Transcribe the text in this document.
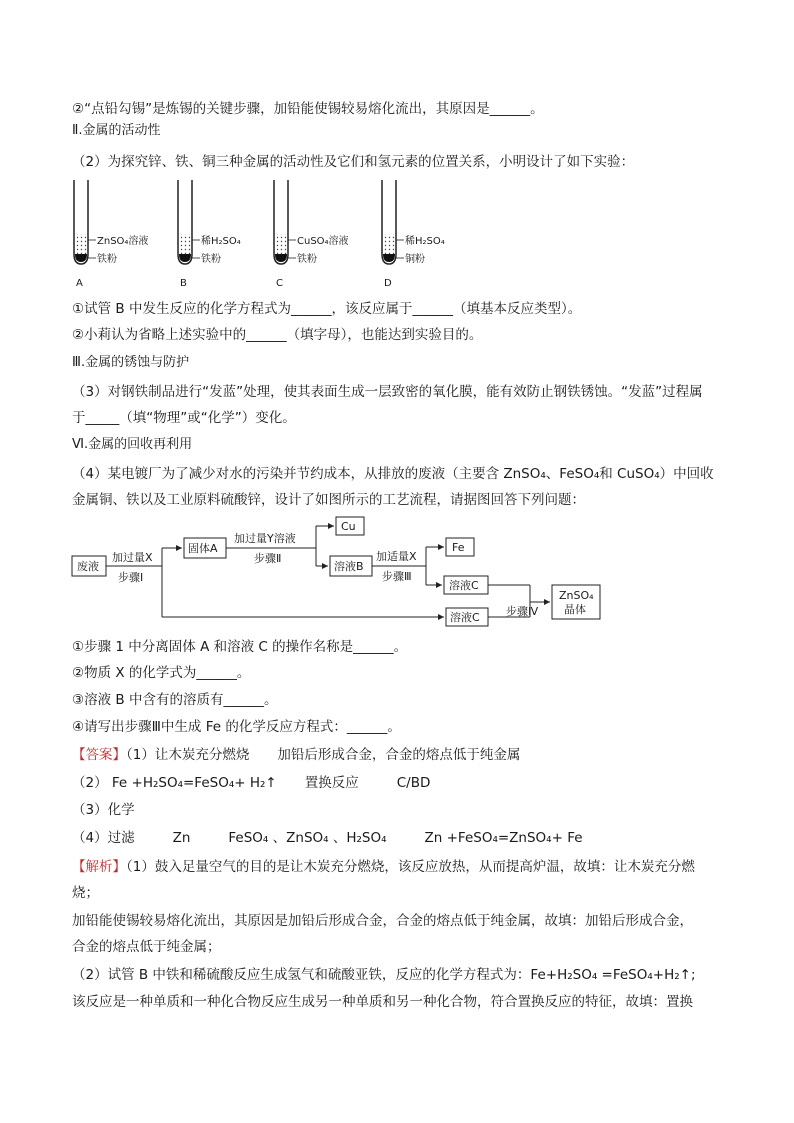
②“点铅勾锡”是炼锡的关键步骤，加铅能使锡较易熔化流出，其原因是______。
Ⅱ.金属的活动性
（2）为探究锌、铁、铜三种金属的活动性及它们和氢元素的位置关系，小明设计了如下实验：
ZnSO₄溶液
铁粉
A
稀H₂SO₄
铁粉
B
CuSO₄溶液
铁粉
C
稀H₂SO₄
铜粉
D
①试管 B 中发生反应的化学方程式为______，该反应属于______（填基本反应类型）。
②小莉认为省略上述实验中的______（填字母），也能达到实验目的。
Ⅲ.金属的锈蚀与防护
（3）对钢铁制品进行“发蓝”处理，使其表面生成一层致密的氧化膜，能有效防止钢铁锈蚀。“发蓝”过程属
于_____（填“物理”或“化学”）变化。
Ⅵ.金属的回收再利用
（4）某电镀厂为了减少对水的污染并节约成本，从排放的废液（主要含 ZnSO₄、FeSO₄和 CuSO₄）中回收
金属铜、铁以及工业原料硫酸锌，设计了如图所示的工艺流程，请据图回答下列问题：
废液
加过量X
步骤Ⅰ
固体A
加过量Y溶液
步骤Ⅱ
Cu
溶液B
加适量X
步骤Ⅲ
Fe
溶液C
溶液C 步骤Ⅳ
ZnSO₄
晶体
①步骤 1 中分离固体 A 和溶液 C 的操作名称是______。
②物质 X 的化学式为______。
③溶液 B 中含有的溶质有______。
④请写出步骤Ⅲ中生成 Fe 的化学反应方程式：______。
【答案】（1）让木炭充分燃烧 加铅后形成合金，合金的熔点低于纯金属
（2） Fe +H₂SO₄=FeSO₄+ H₂↑ 置换反应	C/BD
（3）化学
（4）过滤	Zn	FeSO₄ 、ZnSO₄ 、H₂SO₄	Zn +FeSO₄=ZnSO₄+ Fe
【解析】（1）鼓入足量空气的目的是让木炭充分燃烧，该反应放热，从而提高炉温，故填：让木炭充分燃
烧；
加铅能使锡较易熔化流出，其原因是加铅后形成合金，合金的熔点低于纯金属，故填：加铅后形成合金，
合金的熔点低于纯金属；
（2）试管 B 中铁和稀硫酸反应生成氢气和硫酸亚铁，反应的化学方程式为：Fe+H₂SO₄ =FeSO₄+H₂↑;
该反应是一种单质和一种化合物反应生成另一种单质和另一种化合物，符合置换反应的特征，故填：置换
